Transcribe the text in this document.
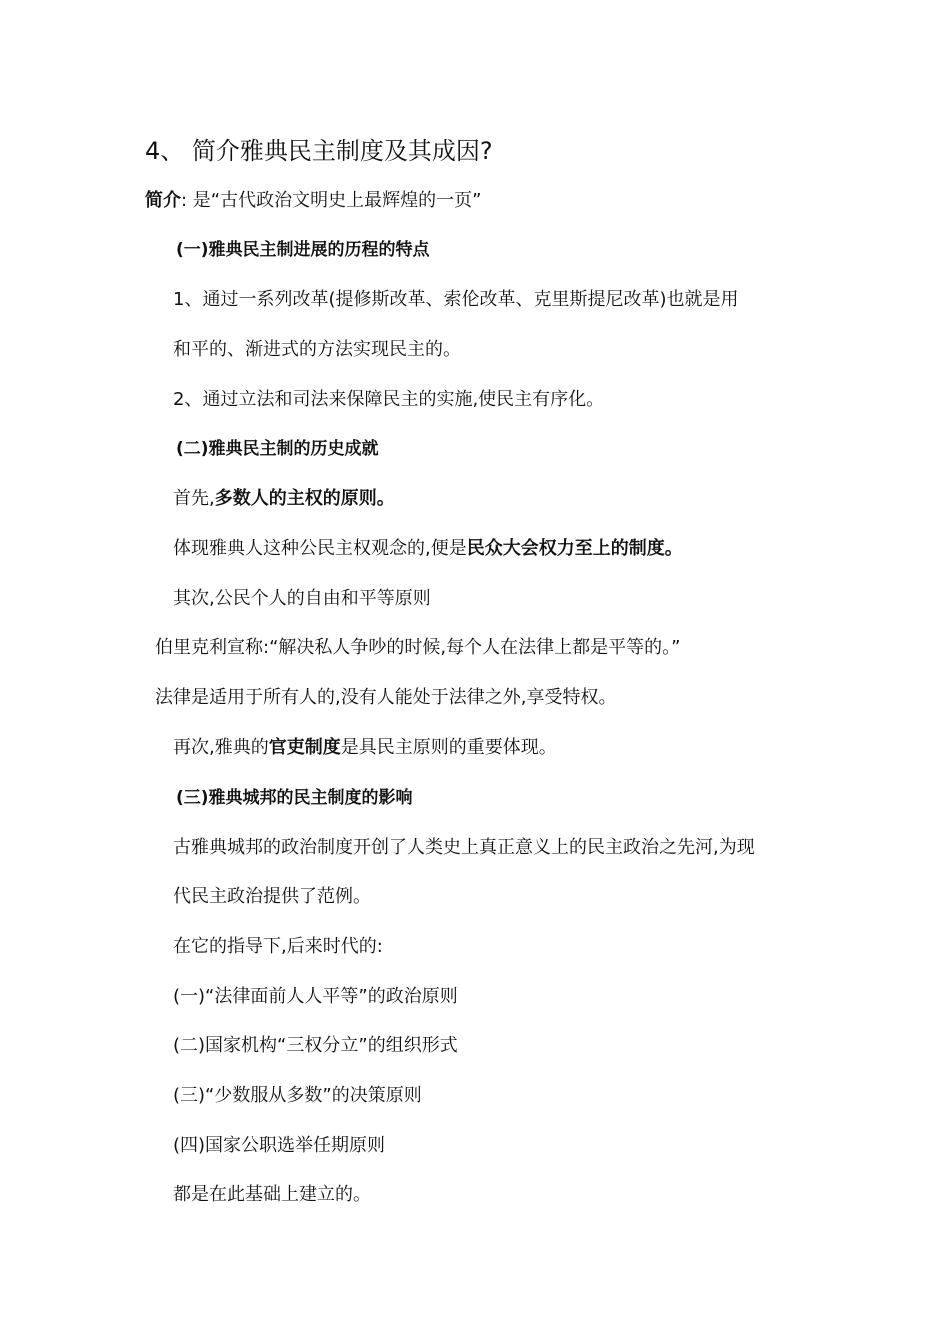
4、 简介雅典民主制度及其成因?
简介: 是“古代政治文明史上最辉煌的一页”
(一)雅典民主制进展的历程的特点
1、通过一系列改革(提修斯改革、索伦改革、克里斯提尼改革)也就是用
和平的、渐进式的方法实现民主的。
2、通过立法和司法来保障民主的实施,使民主有序化。
(二)雅典民主制的历史成就
首先,多数人的主权的原则。
体现雅典人这种公民主权观念的,便是民众大会权力至上的制度。
其次,公民个人的自由和平等原则
伯里克利宣称:“解决私人争吵的时候,每个人在法律上都是平等的。”
法律是适用于所有人的,没有人能处于法律之外,享受特权。
再次,雅典的官吏制度是具民主原则的重要体现。
(三)雅典城邦的民主制度的影响
古雅典城邦的政治制度开创了人类史上真正意义上的民主政治之先河,为现
代民主政治提供了范例。
在它的指导下,后来时代的:
(一)“法律面前人人平等”的政治原则
(二)国家机构“三权分立”的组织形式
(三)“少数服从多数”的决策原则
(四)国家公职选举任期原则
都是在此基础上建立的。
